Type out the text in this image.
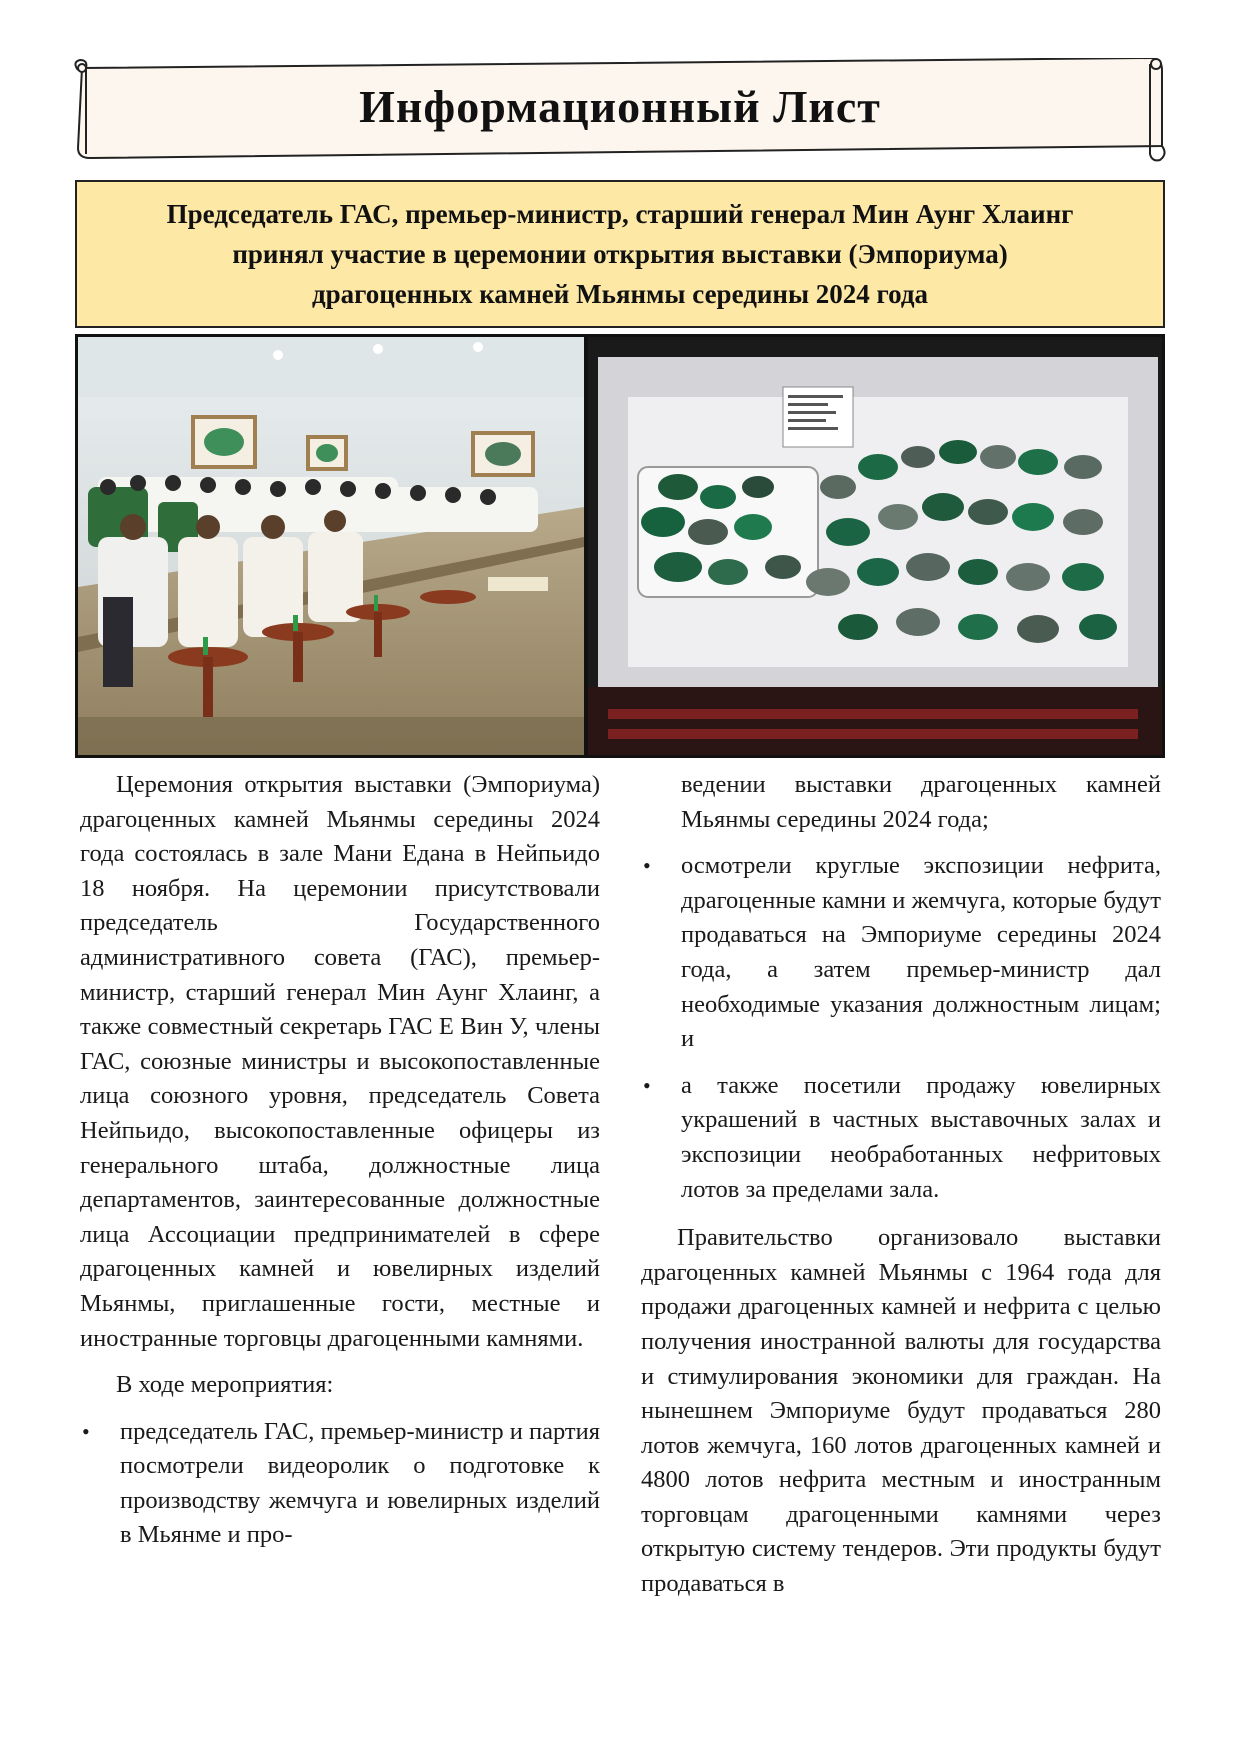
Информационный Лист
Председатель ГАС, премьер-министр, старший генерал Мин Аунг Хлаинг
принял участие в церемонии открытия выставки (Эмпориума)
драгоценных камней Мьянмы середины 2024 года

Церемония открытия выставки (Эмпориума) драгоценных камней Мьянмы середины 2024 года состоялась в зале Мани Едана в Нейпьидо 18 ноября. На церемонии присутствовали председатель Государственного административного совета (ГАС), премьер-министр, старший генерал Мин Аунг Хлаинг, а также совместный секретарь ГАС Е Вин У, члены ГАС, союзные министры и высокопоставленные лица союзного уровня, председатель Совета Нейпьидо, высокопоставленные офицеры из генерального штаба, должностные лица департаментов, заинтересованные должностные лица Ассоциации предпринимателей в сфере драгоценных камней и ювелирных изделий Мьянмы, приглашенные гости, местные и иностранные торговцы драгоценными камнями.

В ходе мероприятия:

• председатель ГАС, премьер-министр и партия посмотрели видеоролик о подготовке к производству жемчуга и ювелирных изделий в Мьянме и про-
ведении выставки драгоценных камней Мьянмы середины 2024 года;
• осмотрели круглые экспозиции нефрита, драгоценные камни и жемчуга, которые будут продаваться на Эмпориуме середины 2024 года, а затем премьер-министр дал необходимые указания должностным лицам; и
• а также посетили продажу ювелирных украшений в частных выставочных залах и экспозиции необработанных нефритовых лотов за пределами зала.

Правительство организовало выставки драгоценных камней Мьянмы с 1964 года для продажи драгоценных камней и нефрита с целью получения иностранной валюты для государства и стимулирования экономики для граждан. На нынешнем Эмпориуме будут продаваться 280 лотов жемчуга, 160 лотов драгоценных камней и 4800 лотов нефрита местным и иностранным торговцам драгоценными камнями через открытую систему тендеров. Эти продукты будут продаваться в
